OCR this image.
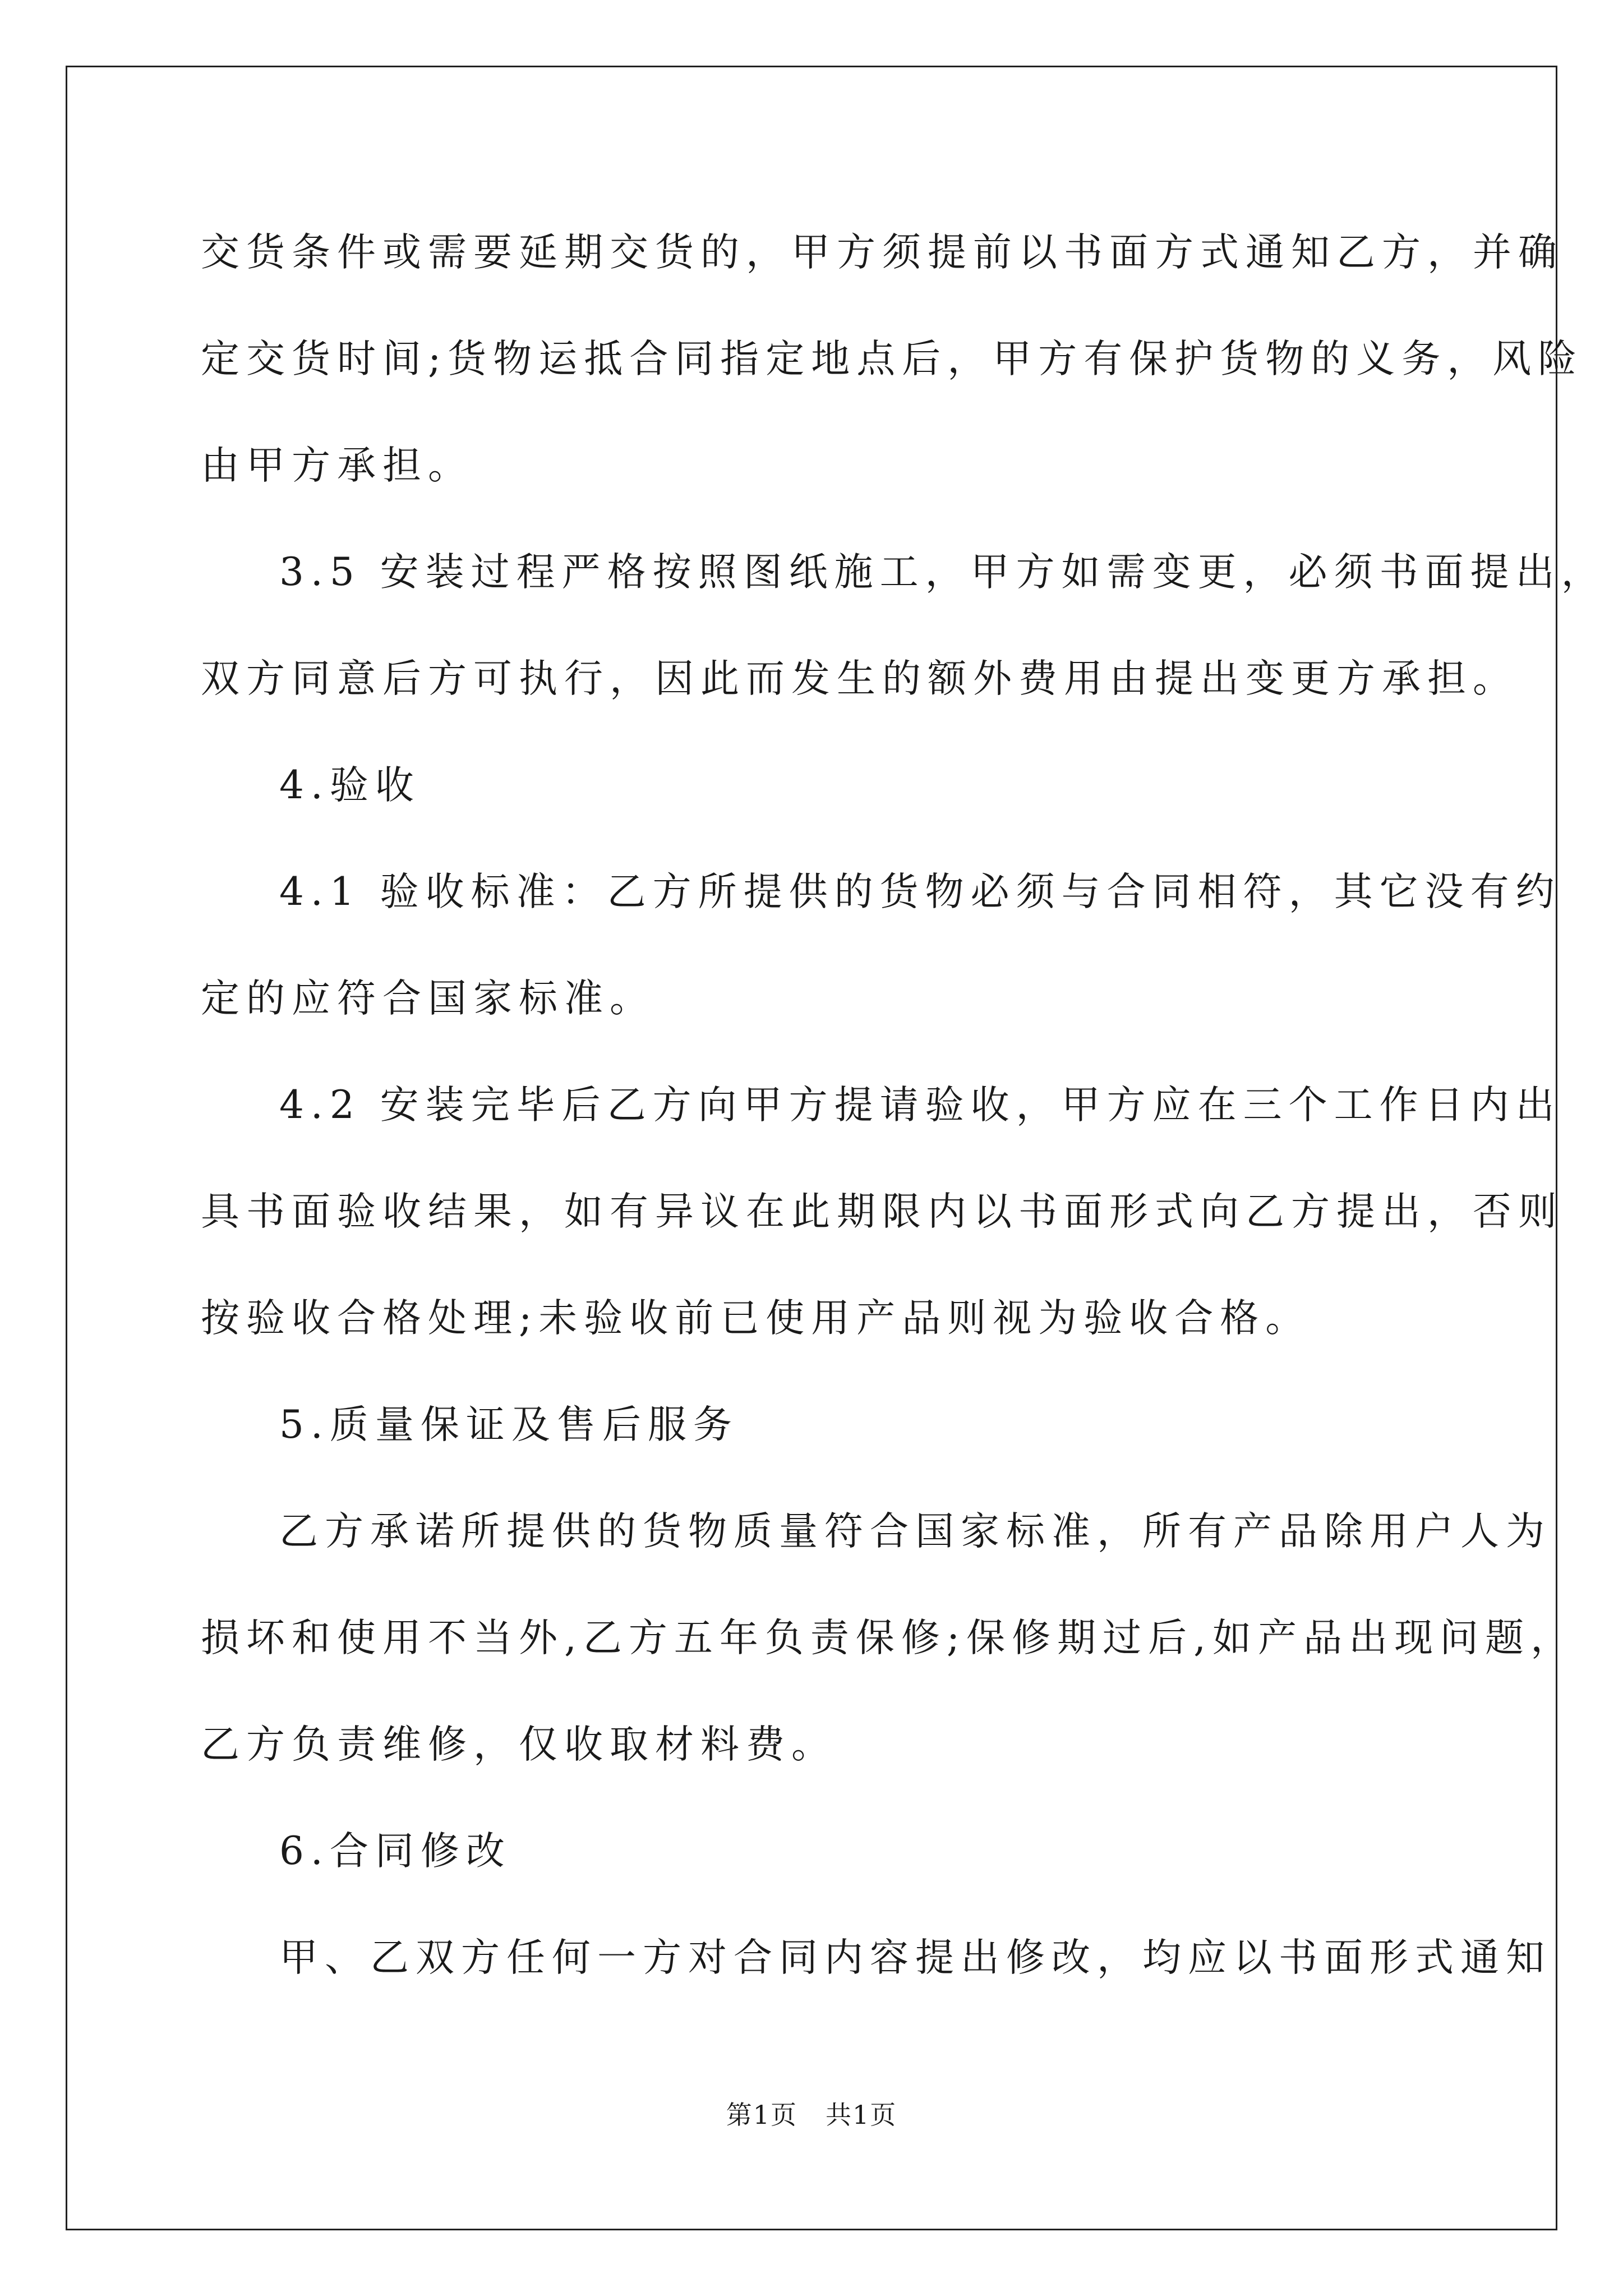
交货条件或需要延期交货的，甲方须提前以书面方式通知乙方，并确
定交货时间;货物运抵合同指定地点后，甲方有保护货物的义务，风险
由甲方承担。
3.5 安装过程严格按照图纸施工，甲方如需变更，必须书面提出，
双方同意后方可执行，因此而发生的额外费用由提出变更方承担。
4.验收
4.1 验收标准：乙方所提供的货物必须与合同相符，其它没有约
定的应符合国家标准。
4.2 安装完毕后乙方向甲方提请验收，甲方应在三个工作日内出
具书面验收结果，如有异议在此期限内以书面形式向乙方提出，否则
按验收合格处理;未验收前已使用产品则视为验收合格。
5.质量保证及售后服务
乙方承诺所提供的货物质量符合国家标准，所有产品除用户人为
损坏和使用不当外,乙方五年负责保修;保修期过后,如产品出现问题，
乙方负责维修，仅收取材料费。
6.合同修改
甲、乙双方任何一方对合同内容提出修改，均应以书面形式通知
第1页 共1页
